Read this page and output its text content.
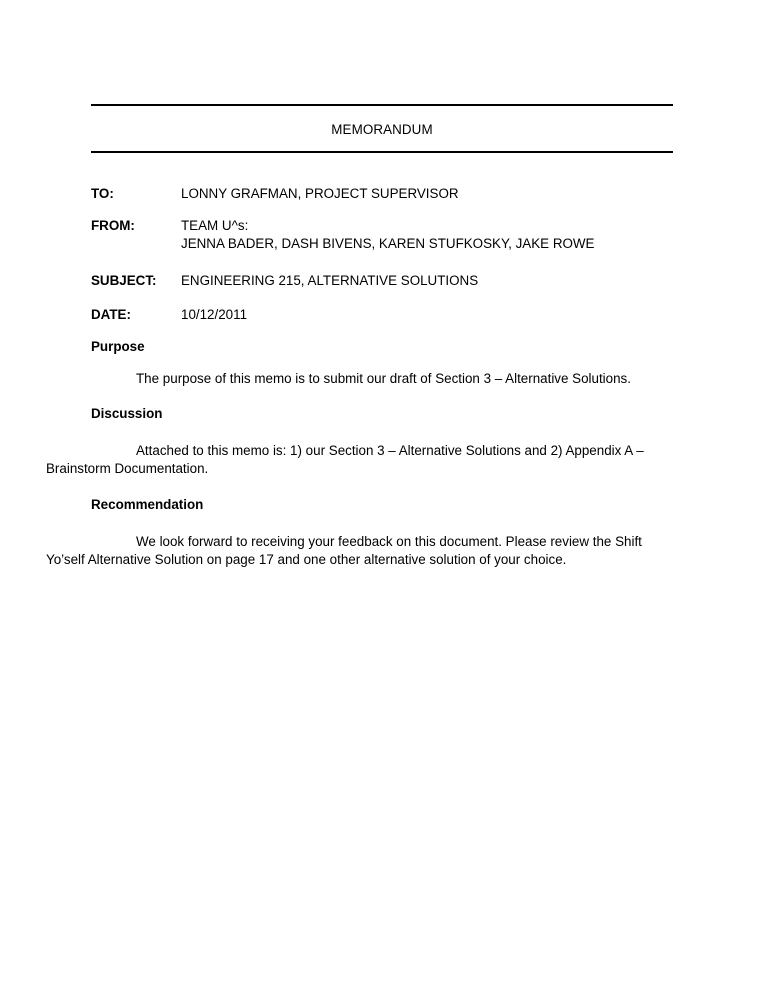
MEMORANDUM
TO:	LONNY GRAFMAN, PROJECT SUPERVISOR
FROM:	TEAM U^s:
JENNA BADER, DASH BIVENS, KAREN STUFKOSKY, JAKE ROWE
SUBJECT: ENGINEERING 215, ALTERNATIVE SOLUTIONS
DATE:	10/12/2011
Purpose
The purpose of this memo is to submit our draft of Section 3 – Alternative Solutions.
Discussion
Attached to this memo is: 1) our Section 3 – Alternative Solutions and 2) Appendix A –
Brainstorm Documentation.
Recommendation
We look forward to receiving your feedback on this document. Please review the Shift
Yo’self Alternative Solution on page 17 and one other alternative solution of your choice.
